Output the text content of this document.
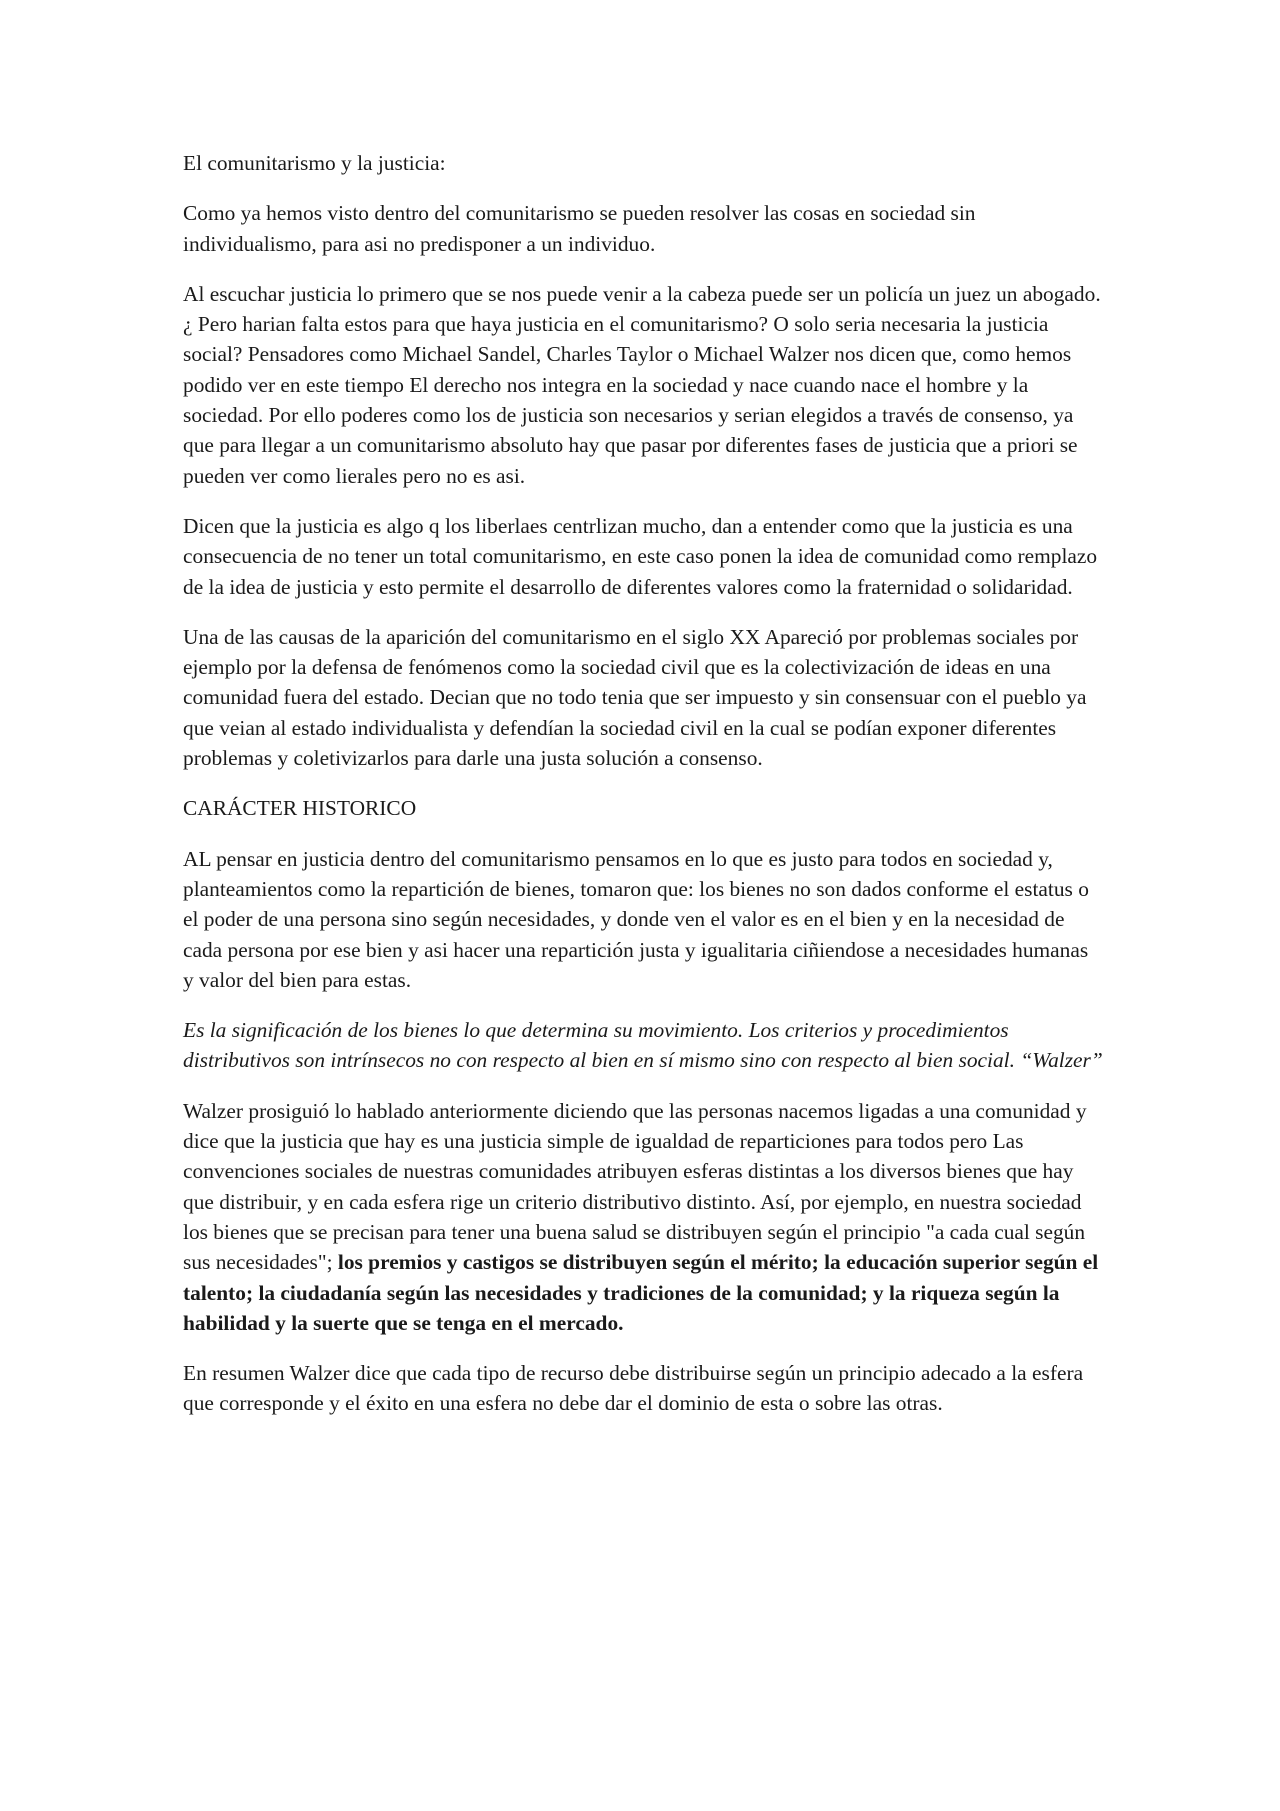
El comunitarismo y la justicia:

Como ya hemos visto dentro del comunitarismo se pueden resolver las cosas en sociedad sin individualismo, para asi no predisponer a un individuo.

Al escuchar justicia lo primero que se nos puede venir a la cabeza puede ser un policía un juez un abogado.¿ Pero harian falta estos para que haya justicia en el comunitarismo? O solo seria necesaria la justicia social? Pensadores como Michael Sandel, Charles Taylor o Michael Walzer nos dicen que, como hemos podido ver en este tiempo El derecho nos integra en la sociedad y nace cuando nace el hombre y la sociedad. Por ello poderes como los de justicia son necesarios y serian elegidos a través de consenso, ya que para llegar a un comunitarismo absoluto hay que pasar por diferentes fases de justicia que a priori se pueden ver como lierales pero no es asi.

Dicen que la justicia es algo q los liberlaes centrlizan mucho, dan a entender como que la justicia es una consecuencia de no tener un total comunitarismo, en este caso ponen la idea de comunidad como remplazo de la idea de justicia y esto permite el desarrollo de diferentes valores como la fraternidad o solidaridad.

Una de las causas de la aparición del comunitarismo en el siglo XX Apareció por problemas sociales por ejemplo por la defensa de fenómenos como la sociedad civil que es la colectivización de ideas en una comunidad fuera del estado. Decian que no todo tenia que ser impuesto y sin consensuar con el pueblo ya que veian al estado individualista y defendían la sociedad civil en la cual se podían exponer diferentes problemas y coletivizarlos para darle una justa solución a consenso.

CARÁCTER HISTORICO

AL pensar en justicia dentro del comunitarismo pensamos en lo que es justo para todos en sociedad y, planteamientos como la repartición de bienes, tomaron que: los bienes no son dados conforme el estatus o el poder de una persona sino según necesidades, y donde ven el valor es en el bien y en la necesidad de cada persona por ese bien y asi hacer una repartición justa y igualitaria ciñiendose a necesidades humanas y valor del bien para estas.

Es la significación de los bienes lo que determina su movimiento. Los criterios y procedimientos distributivos son intrínsecos no con respecto al bien en sí mismo sino con respecto al bien social. “Walzer”

Walzer prosiguió lo hablado anteriormente diciendo que las personas nacemos ligadas a una comunidad y dice que la justicia que hay es una justicia simple de igualdad de reparticiones para todos pero Las convenciones sociales de nuestras comunidades atribuyen esferas distintas a los diversos bienes que hay que distribuir, y en cada esfera rige un criterio distributivo distinto. Así, por ejemplo, en nuestra sociedad los bienes que se precisan para tener una buena salud se distribuyen según el principio "a cada cual según sus necesidades"; los premios y castigos se distribuyen según el mérito; la educación superior según el talento; la ciudadanía según las necesidades y tradiciones de la comunidad; y la riqueza según la habilidad y la suerte que se tenga en el mercado.

En resumen Walzer dice que cada tipo de recurso debe distribuirse según un principio adecado a la esfera que corresponde y el éxito en una esfera no debe dar el dominio de esta o sobre las otras.
